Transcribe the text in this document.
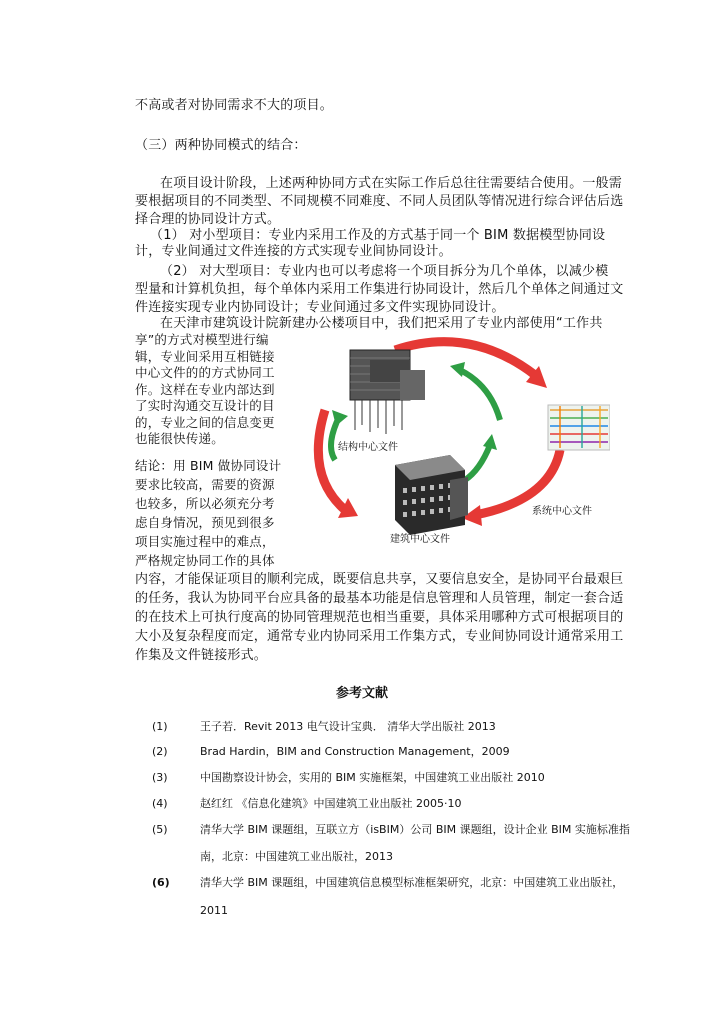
不高或者对协同需求不大的项目。
（三）两种协同模式的结合：
在项目设计阶段，上述两种协同方式在实际工作后总往往需要结合使用。一般需
要根据项目的不同类型、不同规模不同难度、不同人员团队等情况进行综合评估后选
择合理的协同设计方式。
（1） 对小型项目：专业内采用工作及的方式基于同一个 BIM 数据模型协同设
计，专业间通过文件连接的方式实现专业间协同设计。
（2） 对大型项目：专业内也可以考虑将一个项目拆分为几个单体，以减少模
型量和计算机负担，每个单体内采用工作集进行协同设计，然后几个单体之间通过文
件连接实现专业内协同设计；专业间通过多文件实现协同设计。
在天津市建筑设计院新建办公楼项目中，我们把采用了专业内部使用“工作共
享”的方式对模型进行编辑，专业间采用互相链接中心文件的的方式协同工作。这样在专业内部达到了实时沟通交互设计的目的，专业之间的信息变更也能很快传递。
结论：用 BIM 做协同设计要求比较高，需要的资源也较多，所以必须充分考虑自身情况，预见到很多项目实施过程中的难点，严格规定协同工作的具体
内容，才能保证项目的顺利完成，既要信息共享，又要信息安全，是协同平台最艰巨
的任务，我认为协同平台应具备的最基本功能是信息管理和人员管理，制定一套合适
的在技术上可执行度高的协同管理规范也相当重要，具体采用哪种方式可根据项目的
大小及复杂程度而定，通常专业内协同采用工作集方式，专业间协同设计通常采用工
作集及文件链接形式。
结构中心文件
系统中心文件
建筑中心文件
参考文献
(1)	王子若．Revit 2013 电气设计宝典． 清华大学出版社 2013
(2)	Brad Hardin，BIM and Construction Management，2009
(3)	中国勘察设计协会，实用的 BIM 实施框架，中国建筑工业出版社 2010
(4)	赵红红 《信息化建筑》中国建筑工业出版社 2005·10
(5)	清华大学 BIM 课题组，互联立方（isBIM）公司 BIM 课题组，设计企业 BIM 实施标准指
南，北京：中国建筑工业出版社，2013
(6)	清华大学 BIM 课题组，中国建筑信息模型标准框架研究，北京：中国建筑工业出版社，
2011
